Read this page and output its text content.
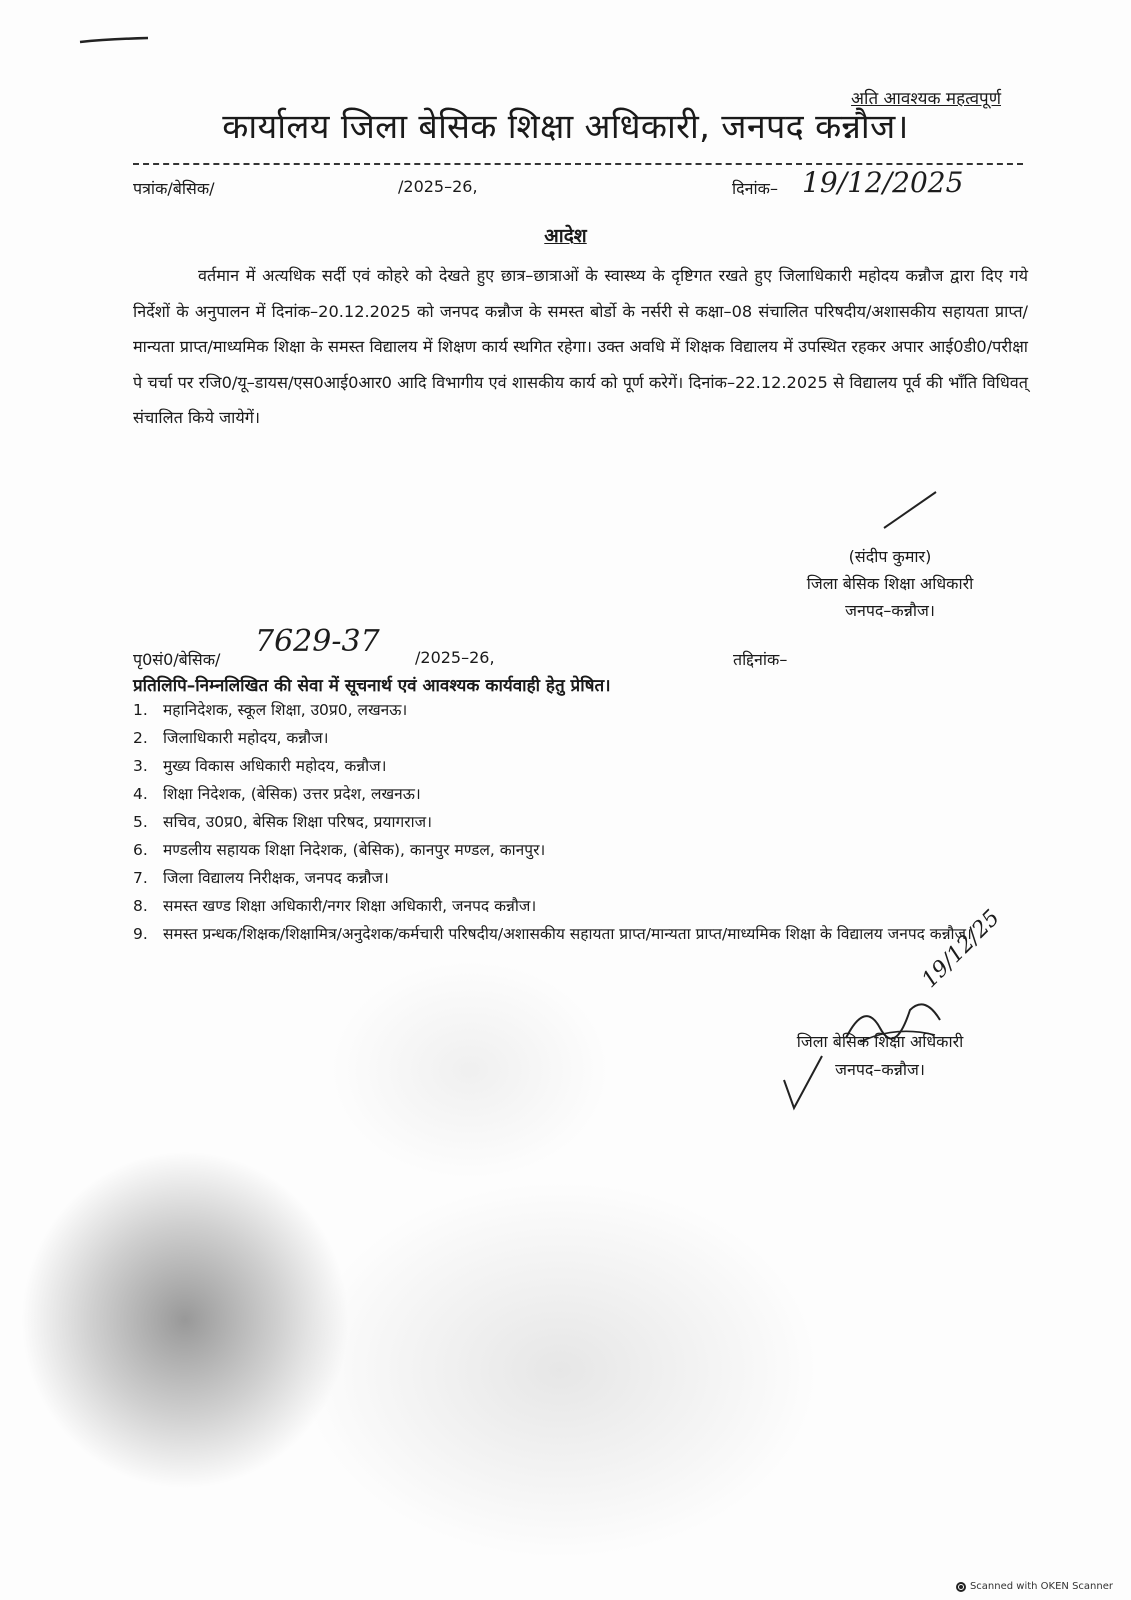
अति आवश्यक महत्वपूर्ण
कार्यालय जिला बेसिक शिक्षा अधिकारी, जनपद कन्नौज।
पत्रांक/बेसिक/	/2025–26,	दिनांक– 19/12/2025
आदेश
वर्तमान में अत्यधिक सर्दी एवं कोहरे को देखते हुए छात्र–छात्राओं के स्वास्थ्य के दृष्टिगत रखते हुए जिलाधिकारी महोदय कन्नौज द्वारा दिए गये निर्देशों के अनुपालन में दिनांक–20.12.2025 को जनपद कन्नौज के समस्त बोर्डो के नर्सरी से कक्षा–08 संचालित परिषदीय/अशासकीय सहायता प्राप्त/मान्यता प्राप्त/माध्यमिक शिक्षा के समस्त विद्यालय में शिक्षण कार्य स्थगित रहेगा। उक्त अवधि में शिक्षक विद्यालय में उपस्थित रहकर अपार आई0डी0/परीक्षा पे चर्चा पर रजि0/यू–डायस/एस0आई0आर0 आदि विभागीय एवं शासकीय कार्य को पूर्ण करेगें। दिनांक–22.12.2025 से विद्यालय पूर्व की भाँति विधिवत् संचालित किये जायेगें।
(संदीप कुमार)
जिला बेसिक शिक्षा अधिकारी
जनपद–कन्नौज।
पृ0सं0/बेसिक/
7629-37 /2025–26,	तद्दिनांक–
प्रतिलिपि–निम्नलिखित की सेवा में सूचनार्थ एवं आवश्यक कार्यवाही हेतु प्रेषित।
1. महानिदेशक, स्कूल शिक्षा, उ0प्र0, लखनऊ।
2. जिलाधिकारी महोदय, कन्नौज।
3. मुख्य विकास अधिकारी महोदय, कन्नौज।
4. शिक्षा निदेशक, (बेसिक) उत्तर प्रदेश, लखनऊ।
5. सचिव, उ0प्र0, बेसिक शिक्षा परिषद, प्रयागराज।
6. मण्डलीय सहायक शिक्षा निदेशक, (बेसिक), कानपुर मण्डल, कानपुर।
7. जिला विद्यालय निरीक्षक, जनपद कन्नौज।
8. समस्त खण्ड शिक्षा अधिकारी/नगर शिक्षा अधिकारी, जनपद कन्नौज।
9. समस्त प्रन्धक/शिक्षक/शिक्षामित्र/अनुदेशक/कर्मचारी परिषदीय/अशासकीय सहायता प्राप्त/मान्यता प्राप्त/माध्यमिक शिक्षा के विद्यालय जनपद कन्नौज।
19/12/25
जिला बेसिक शिक्षा अधिकारी
जनपद–कन्नौज।
Scanned with OKEN Scanner
